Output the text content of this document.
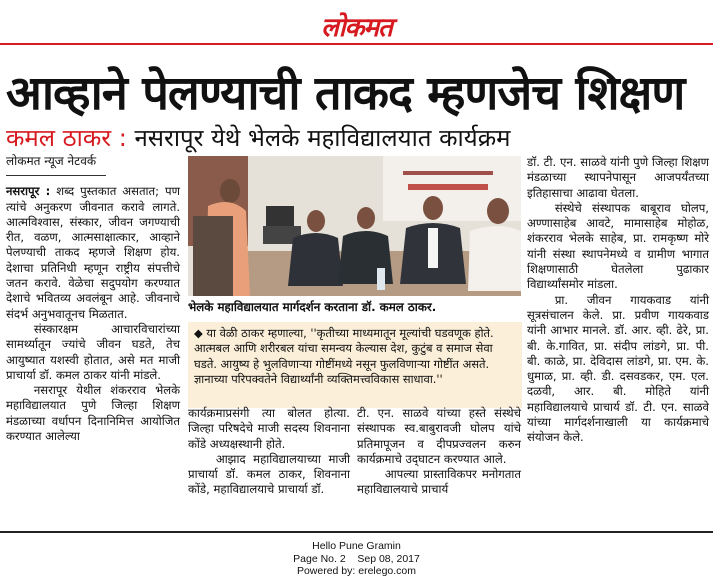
लोकमत
आव्हाने पेलण्याची ताकद म्हणजेच शिक्षण
कमल ठाकर : नसरापूर येथे भेलके महाविद्यालयात कार्यक्रम
लोकमत न्यूज नेटवर्क

नसरापूर : शब्द पुस्तकात असतात; पण त्यांचे अनुकरण जीवनात करावे लागते. आत्मविश्वास, संस्कार, जीवन जगण्याची रीत, वळण, आत्मसाक्षात्कार, आव्हाने पेलण्याची ताकद म्हणजे शिक्षण होय. देशाचा प्रतिनिधी म्हणून राष्ट्रीय संपत्तीचे जतन करावे. वेळेचा सदुपयोग करण्यात देशाचे भवितव्य अवलंबून आहे. जीवनाचे संदर्भ अनुभवातूनच मिळतात.

संस्कारक्षम आचारविचारांच्या सामर्थ्यातून ज्यांचे जीवन घडते, तेच आयुष्यात यशस्वी होतात, असे मत माजी प्राचार्या डॉ. कमल ठाकर यांनी मांडले.

नसरापूर येथील शंकरराव भेलके महाविद्यालयात पुणे जिल्हा शिक्षण मंडळाच्या वर्धापन दिनानिमित्त आयोजित करण्यात आलेल्या

भेलके महाविद्यालयात मार्गदर्शन करताना डॉ. कमल ठाकर.
◆ या वेळी ठाकर म्हणाल्या, ''कृतीच्या माध्यमातून मूल्यांची घडवणूक होते. आत्मबल आणि शरीरबल यांचा समन्वय केल्यास देश, कुटुंब व समाज सेवा घडते. आयुष्य हे भुलविणाऱ्या गोष्टींमध्ये नसून फुलविणाऱ्या गोष्टींत असते. ज्ञानाच्या परिपक्वतेने विद्यार्थ्यांनी व्यक्तिमत्त्वविकास साधावा.''

कार्यक्रमाप्रसंगी त्या बोलत होत्या. जिल्हा परिषदेचे माजी सदस्य शिवनाना कोंडे अध्यक्षस्थानी होते.

आझाद महाविद्यालयाच्या माजी प्राचार्या डॉ. कमल ठाकर, शिवनाना कोंडे, महाविद्यालयाचे प्राचार्या डॉ.

टी. एन. साळवे यांच्या हस्ते संस्थेचे संस्थापक स्व.बाबुरावजी घोलप यांचे प्रतिमापूजन व दीपप्रज्वलन करुन कार्यक्रमाचे उद्‌घाटन करण्यात आले.

आपल्या प्रास्ताविकपर मनोगतात महाविद्यालयाचे प्राचार्य

डॉ. टी. एन. साळवे यांनी पुणे जिल्हा शिक्षण मंडळाच्या स्थापनेपासून आजपर्यंतच्या इतिहासाचा आढावा घेतला.

संस्थेचे संस्थापक बाबूराव घोलप, अण्णासाहेब आवटे, मामासाहेब मोहोळ, शंकरराव भेलके साहेब, प्रा. रामकृष्ण मोरे यांनी संस्था स्थापनेमध्ये व ग्रामीण भागात शिक्षणासाठी घेतलेला पुढाकार विद्यार्थ्यांसमोर मांडला.

प्रा. जीवन गायकवाड यांनी सूत्रसंचालन केले. प्रा. प्रवीण गायकवाड यांनी आभार मानले. डॉ. आर. व्ही. ढेरे, प्रा. बी. के.गावित, प्रा. संदीप लांडगे, प्रा. पी. बी. काळे, प्रा. देविदास लांडगे, प्रा. एम. के. धुमाळ, प्रा. व्ही. डी. दसवडकर, एम. एल. दळवी, आर. बी. मोहिते यांनी महाविद्यालयाचे प्राचार्य डॉ. टी. एन. साळवे यांच्या मार्गदर्शनाखाली या कार्यक्रमाचे संयोजन केले.

Hello Pune Gramin
Page No. 2 Sep 08, 2017
Powered by: erelego.com
